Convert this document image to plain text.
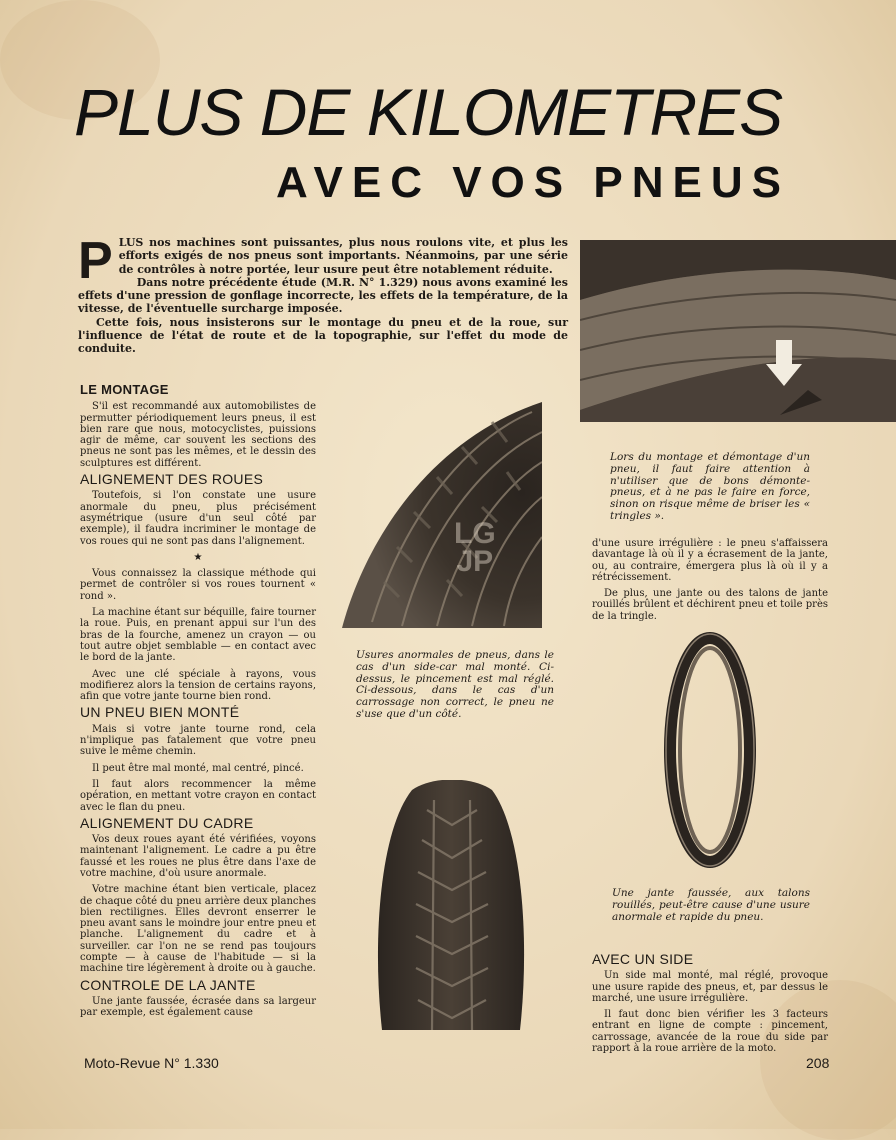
PLUS DE KILOMETRES
AVEC VOS PNEUS
P LUS nos machines sont puissantes, plus nous roulons vite, et plus les efforts exigés de nos pneus sont importants. Néanmoins, par une série de contrôles à notre portée, leur usure peut être notablement réduite.

Dans notre précédente étude (M.R. N° 1.329) nous avons examiné les effets d'une pression de gonflage incorrecte, les effets de la température, de la vitesse, de l'éventuelle surcharge imposée.

Cette fois, nous insisterons sur le montage du pneu et de la roue, sur l'influence de l'état de route et de la topographie, sur l'effet du mode de conduite.

LE MONTAGE

S'il est recommandé aux automobilistes de permutter périodiquement leurs pneus, il est bien rare que nous, motocyclistes, puissions agir de même, car souvent les sections des pneus ne sont pas les mêmes, et le dessin des sculptures est différent.

ALIGNEMENT DES ROUES

Toutefois, si l'on constate une usure anormale du pneu, plus précisément asymétrique (usure d'un seul côté par exemple), il faudra incriminer le montage de vos roues qui ne sont pas dans l'alignement.

★

Vous connaissez la classique méthode qui permet de contrôler si vos roues tournent « rond ».

La machine étant sur béquille, faire tourner la roue. Puis, en prenant appui sur l'un des bras de la fourche, amenez un crayon — ou tout autre objet semblable — en contact avec le bord de la jante.

Avec une clé spéciale à rayons, vous modifierez alors la tension de certains rayons, afin que votre jante tourne bien rond.

UN PNEU BIEN MONTÉ

Mais si votre jante tourne rond, cela n'implique pas fatalement que votre pneu suive le même chemin.

Il peut être mal monté, mal centré, pincé.

Il faut alors recommencer la même opération, en mettant votre crayon en contact avec le flan du pneu.

ALIGNEMENT DU CADRE

Vos deux roues ayant été vérifiées, voyons maintenant l'alignement. Le cadre a pu être faussé et les roues ne plus être dans l'axe de votre machine, d'où usure anormale.

Votre machine étant bien verticale, placez de chaque côté du pneu arrière deux planches bien rectilignes. Elles devront enserrer le pneu avant sans le moindre jour entre pneu et planche. L'alignement du cadre et à surveiller. car l'on ne se rend pas toujours compte — à cause de l'habitude — si la machine tire légèrement à droite ou à gauche.

CONTROLE DE LA JANTE

Une jante faussée, écrasée dans sa largeur par exemple, est également cause

LG
JP
Usures anormales de pneus, dans le cas d'un side-car mal monté. Ci-dessus, le pincement est mal réglé. Ci-dessous, dans le cas d'un carrossage non correct, le pneu ne s'use que d'un côté.
Lors du montage et démontage d'un pneu, il faut faire attention à n'utiliser que de bons démonte-pneus, et à ne pas le faire en force, sinon on risque même de briser les « tringles ».

d'une usure irrégulière : le pneu s'affaissera davantage là où il y a écrasement de la jante, ou, au contraire, émergera plus là où il y a rétrécissement.

De plus, une jante ou des talons de jante rouillés brûlent et déchirent pneu et toile près de la tringle.

Une jante faussée, aux talons rouillés, peut-être cause d'une usure anormale et rapide du pneu.
AVEC UN SIDE

Un side mal monté, mal réglé, provoque une usure rapide des pneus, et, par dessus le marché, une usure irrégulière.

Il faut donc bien vérifier les 3 facteurs entrant en ligne de compte : pincement, carrossage, avancée de la roue du side par rapport à la roue arrière de la moto.

Moto-Revue N° 1.330	208
